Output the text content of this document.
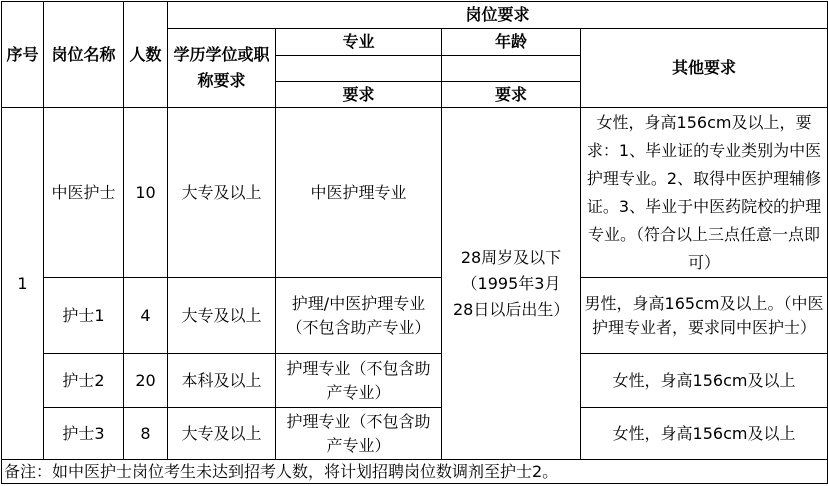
序号	岗位名称	人数	岗位要求			

			学历学位或职称要求	专业	年龄	其他要求

				要求	要求	
1	中医护士	10	大专及以上	中医护理专业	28周岁及以下（1995年3月28日以后出生）	女性，身高156cm及以上，要求：1、毕业证的专业类别为中医护理专业。2、取得中医护理辅修证。3、毕业于中医药院校的护理专业。（符合以上三点任意一点即可）

	护士1	4	大专及以上	护理/中医护理专业（不包含助产专业）		男性，身高165cm及以上。（中医护理专业者，要求同中医护士）

	护士2	20	本科及以上	护理专业（不包含助产专业）		女性，身高156cm及以上
	护士3	8	大专及以上	护理专业（不包含助产专业）		女性，身高156cm及以上
备注：如中医护士岗位考生未达到招考人数，将计划招聘岗位数调剂至护士2。						
